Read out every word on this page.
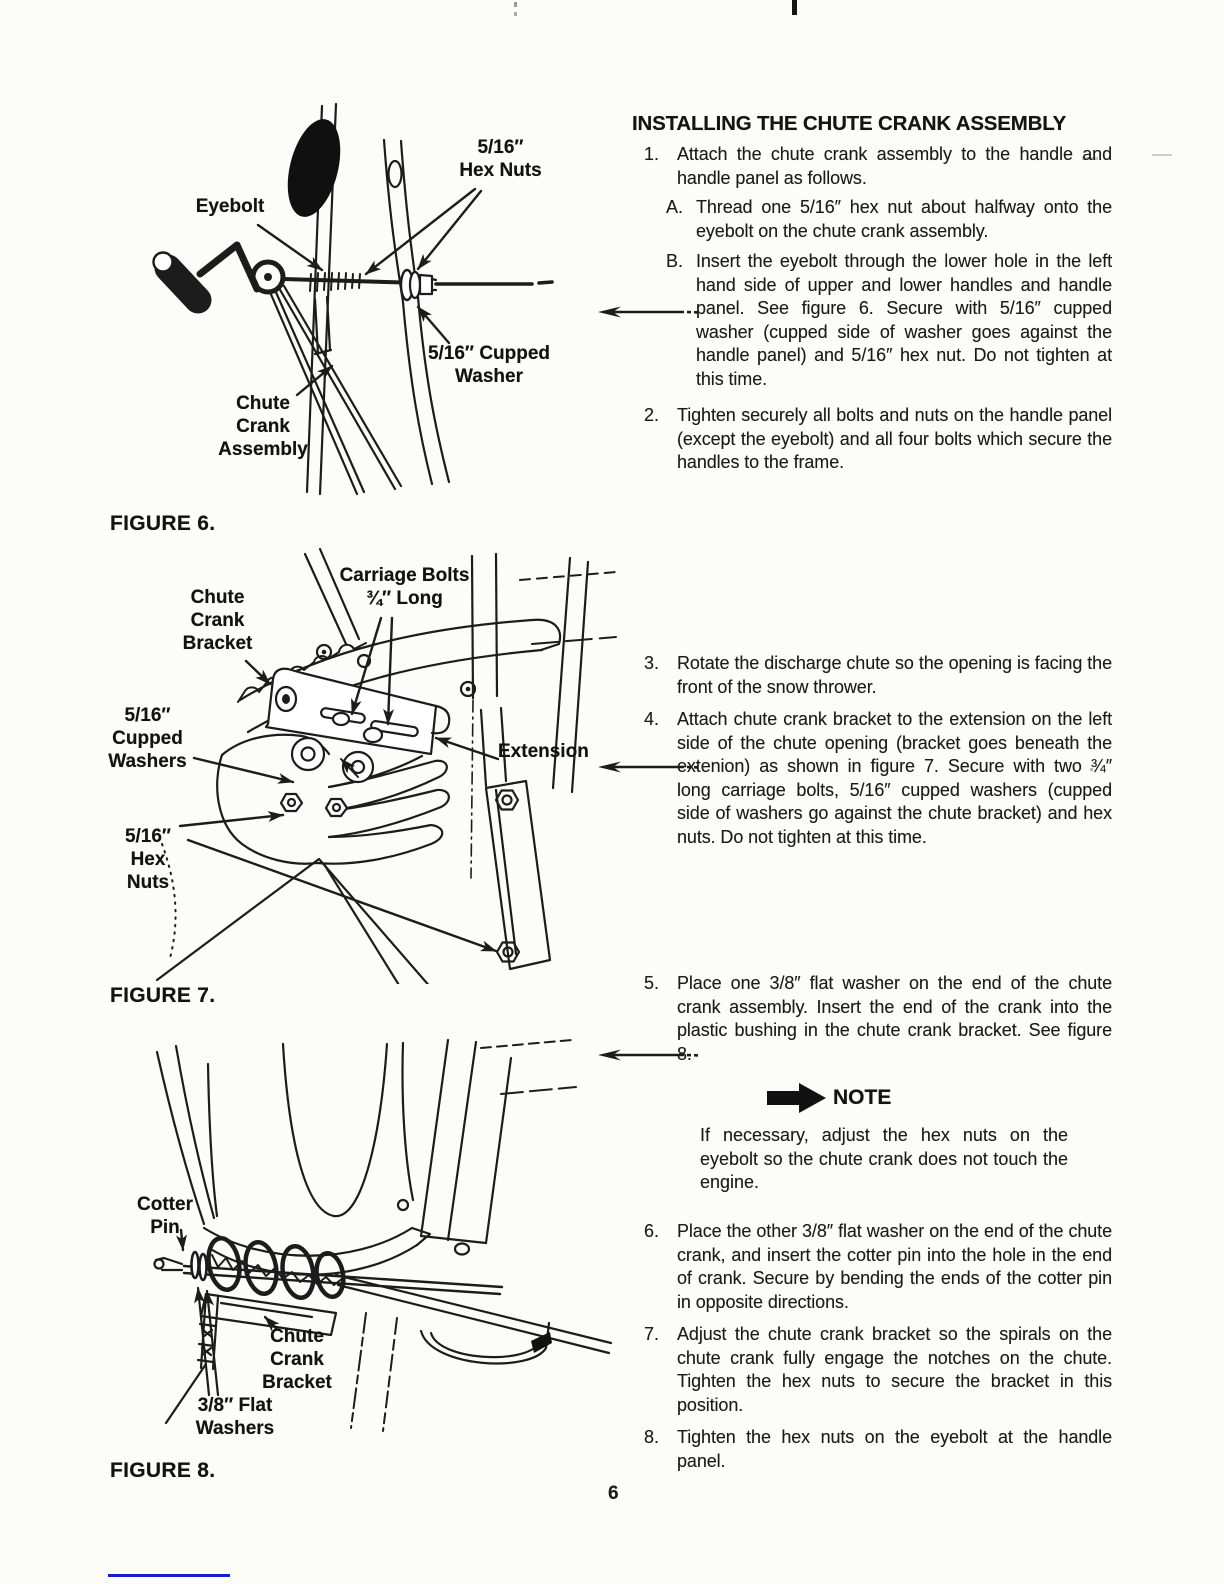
Eyebolt
5/16″
Hex Nuts
5/16″ Cupped
Washer
Chute
Crank
Assembly
FIGURE 6.
Chute
Crank
Bracket
Carriage Bolts
¾″ Long
5/16″
Cupped
Washers
5/16″
Hex
Nuts
Extension
FIGURE 7.
Cotter
Pin
Chute
Crank
Bracket
3/8″ Flat
Washers
FIGURE 8.
INSTALLING THE CHUTE CRANK ASSEMBLY
1. Attach the chute crank assembly to the handle and handle panel as follows.
A. Thread one 5/16″ hex nut about halfway onto the eyebolt on the chute crank assembly.
B. Insert the eyebolt through the lower hole in the left hand side of upper and lower handles and handle panel. See figure 6. Secure with 5/16″ cupped washer (cupped side of washer goes against the handle panel) and 5/16″ hex nut. Do not tighten at this time.
2. Tighten securely all bolts and nuts on the handle panel (except the eyebolt) and all four bolts which secure the handles to the frame.
3. Rotate the discharge chute so the opening is facing the front of the snow thrower.
4. Attach chute crank bracket to the extension on the left side of the chute opening (bracket goes beneath the extenion) as shown in figure 7. Secure with two ¾″ long carriage bolts, 5/16″ cupped washers (cupped side of washers go against the chute bracket) and hex nuts. Do not tighten at this time.
5. Place one 3/8″ flat washer on the end of the chute crank assembly. Insert the end of the crank into the plastic bushing in the chute crank bracket. See figure 8.
NOTE
If necessary, adjust the hex nuts on the eyebolt so the chute crank does not touch the engine.
6. Place the other 3/8″ flat washer on the end of the chute crank, and insert the cotter pin into the hole in the end of crank. Secure by bending the ends of the cotter pin in opposite directions.
7. Adjust the chute crank bracket so the spirals on the chute crank fully engage the notches on the chute. Tighten the hex nuts to secure the bracket in this position.
8. Tighten the hex nuts on the eyebolt at the handle panel.
6
